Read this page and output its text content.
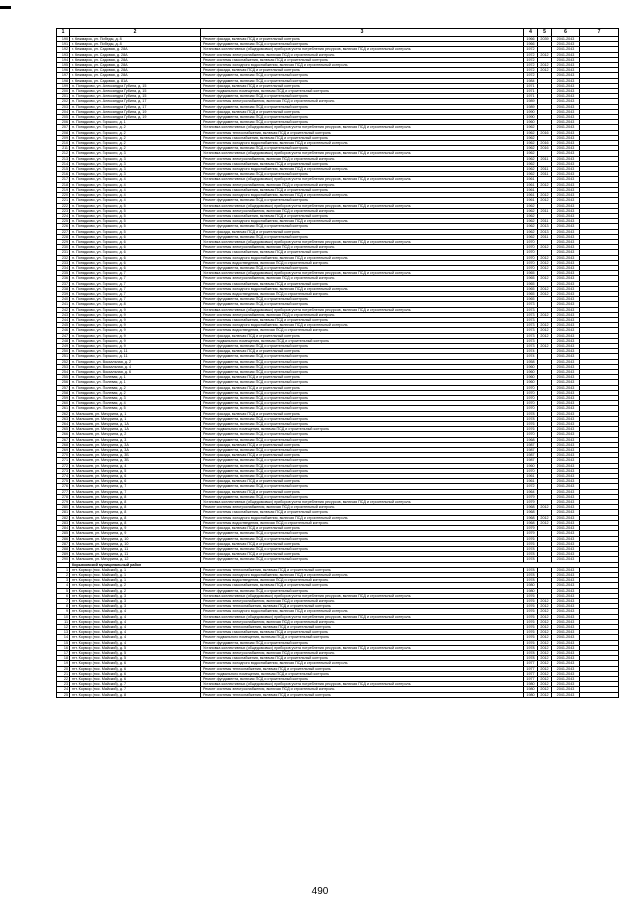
1	2	3	4	5	6	7
190	г. Кежмарок, ул. Победы, д. 8	Ремонт фасада, включая ПСД и строительный контроль	1966	2039	2041-2043	
191	г. Кежмарок, ул. Победы, д. 8	Ремонт фундамента, включая ПСД и строительный контроль	1966		2041-2043	
192	г. Кежмарок, ул. Садовая, д. 28А	Установка коллективных (общедомовых) приборов учета потребления ресурсов, включая ПСД и строительный контроль	1972		2041-2043	
193	г. Кежмарок, ул. Садовая, д. 28А	Ремонт системы электроснабжения, включая ПСД и строительный контроль	1972	2012	2041-2043	
194	г. Кежмарок, ул. Садовая, д. 28А	Ремонт системы газоснабжения, включая ПСД и строительный контроль	1972		2041-2043	
195	г. Кежмарок, ул. Садовая, д. 28А	Ремонт системы холодного водоснабжения, включая ПСД и строительный контроль	1972	2012	2041-2043	
196	г. Кежмарок, ул. Садовая, д. 28А	Ремонт фасада, включая ПСД и строительный контроль	1972	2012	2041-2043	
197	г. Кежмарок, ул. Садовая, д. 28А	Ремонт фундамента, включая ПСД и строительный контроль	1972		2041-2043	
198	г. Кежмарок, ул. Садовая, д. 81А	Ремонт фундамента, включая ПСД и строительный контроль	1984		2041-2043	
199	п. Попадково, ул. Александра Губина, д. 15	Ремонт фасада, включая ПСД и строительный контроль	1971		2041-2043	
200	п. Попадково, ул. Александра Губина, д. 15	Ремонт подвального помещения, включая ПСД и строительный контроль	1971		2041-2043	
201	п. Попадково, ул. Александра Губина, д. 15	Ремонт фундамента, включая ПСД и строительный контроль	1971		2041-2043	
202	п. Попадково, ул. Александра Губина, д. 17	Ремонт системы электроснабжения, включая ПСД и строительный контроль	1989		2041-2043	
203	п. Попадково, ул. Александра Губина, д. 17	Ремонт фундамента, включая ПСД и строительный контроль	1989		2041-2043	
204	п. Попадково, ул. Александра Губина, д. 19	Ремонт фасада, включая ПСД и строительный контроль	1990		2041-2043	
205	п. Попадково, ул. Александра Губина, д. 19	Ремонт фундамента, включая ПСД и строительный контроль	1990		2041-2043	
206	п. Попадково, ул. Горького, д. 1	Ремонт фундамента, включая ПСД и строительный контроль	1960		2041-2043	
207	п. Попадково, ул. Горького, д. 2	Установка коллективных (общедомовых) приборов учета потребления ресурсов, включая ПСД и строительный контроль	1962		2041-2043	
208	п. Попадково, ул. Горького, д. 2	Ремонт системы теплоснабжения, включая ПСД и строительный контроль	1962	2016	2041-2043	
209	п. Попадково, ул. Горького, д. 2	Ремонт системы газоснабжения, включая ПСД и строительный контроль	1962		2041-2043	
210	п. Попадково, ул. Горького, д. 2	Ремонт системы холодного водоснабжения, включая ПСД и строительный контроль	1962	2016	2041-2043	
211	п. Попадково, ул. Горького, д. 2	Ремонт фундамента, включая ПСД и строительный контроль	1962	2016	2041-2043	
212	п. Попадково, ул. Горького, д. 3	Установка коллективных (общедомовых) приборов учета потребления ресурсов, включая ПСД и строительный контроль	1962		2041-2043	
213	п. Попадково, ул. Горького, д. 3	Ремонт системы электроснабжения, включая ПСД и строительный контроль	1962	2011	2041-2043	
214	п. Попадково, ул. Горького, д. 3	Ремонт системы газоснабжения, включая ПСД и строительный контроль	1962		2041-2043	
215	п. Попадково, ул. Горького, д. 3	Ремонт системы холодного водоснабжения, включая ПСД и строительный контроль	1962	2011	2041-2043	
216	п. Попадково, ул. Горького, д. 3	Ремонт фундамента, включая ПСД и строительный контроль	1962	2011	2041-2043	
217	п. Попадково, ул. Горького, д. 4	Установка коллективных (общедомовых) приборов учета потребления ресурсов, включая ПСД и строительный контроль	1961		2041-2043	
218	п. Попадково, ул. Горького, д. 4	Ремонт системы электроснабжения, включая ПСД и строительный контроль	1961	2012	2041-2043	
219	п. Попадково, ул. Горького, д. 4	Ремонт системы газоснабжения, включая ПСД и строительный контроль	1961		2041-2043	
220	п. Попадково, ул. Горького, д. 4	Ремонт системы холодного водоснабжения, включая ПСД и строительный контроль	1961	2012	2041-2043	
221	п. Попадково, ул. Горького, д. 4	Ремонт фундамента, включая ПСД и строительный контроль	1961	2012	2041-2043	
222	п. Попадково, ул. Горького, д. 5	Установка коллективных (общедомовых) приборов учета потребления ресурсов, включая ПСД и строительный контроль	1962		2041-2043	
223	п. Попадково, ул. Горького, д. 5	Ремонт системы электроснабжения, включая ПСД и строительный контроль	1962	2011	2041-2043	
224	п. Попадково, ул. Горького, д. 5	Ремонт системы газоснабжения, включая ПСД и строительный контроль	1962		2041-2043	
225	п. Попадково, ул. Горького, д. 5	Ремонт системы холодного водоснабжения, включая ПСД и строительный контроль	1962	2011	2041-2043	
226	п. Попадково, ул. Горького, д. 5	Ремонт фундамента, включая ПСД и строительный контроль	1962	2013	2041-2043	
227	п. Попадково, ул. Горького, д. 5	Ремонт фасада, включая ПСД и строительный контроль	1962	2013	2041-2043	
228	п. Попадково, ул. Горького, д. 6	Ремонт фундамента, включая ПСД и строительный контроль	1962	2011	2041-2043	
229	п. Попадково, ул. Горького, д. 6	Установка коллективных (общедомовых) приборов учета потребления ресурсов, включая ПСД и строительный контроль	1970		2041-2043	
230	п. Попадково, ул. Горького, д. 6	Ремонт системы электроснабжения, включая ПСД и строительный контроль	1970	2012	2041-2043	
231	п. Попадково, ул. Горького, д. 6	Ремонт системы газоснабжения, включая ПСД и строительный контроль	1970		2041-2043	
232	п. Попадково, ул. Горького, д. 6	Ремонт системы холодного водоснабжения, включая ПСД и строительный контроль	1970	2012	2041-2043	
233	п. Попадково, ул. Горького, д. 6	Ремонт системы водоотведения, включая ПСД и строительный контроль	1970	2012	2041-2043	
234	п. Попадково, ул. Горького, д. 6	Ремонт фундамента, включая ПСД и строительный контроль	1970	2012	2041-2043	
235	п. Попадково, ул. Горького, д. 7	Установка коллективных (общедомовых) приборов учета потребления ресурсов, включая ПСД и строительный контроль	1965		2041-2043	
236	п. Попадково, ул. Горького, д. 7	Ремонт системы электроснабжения, включая ПСД и строительный контроль	1965	2012	2041-2043	
237	п. Попадково, ул. Горького, д. 7	Ремонт системы газоснабжения, включая ПСД и строительный контроль	1965		2041-2043	
238	п. Попадково, ул. Горького, д. 7	Ремонт системы холодного водоснабжения, включая ПСД и строительный контроль	1965	2012	2041-2043	
239	п. Попадково, ул. Горького, д. 7	Ремонт системы водоотведения, включая ПСД и строительный контроль	1965	2012	2041-2043	
240	п. Попадково, ул. Горького, д. 7	Ремонт фундамента, включая ПСД и строительный контроль	1965		2041-2043	
241	п. Попадково, ул. Горького, д. 8	Ремонт фундамента, включая ПСД и строительный контроль	1973		2041-2043	
242	п. Попадково, ул. Горького, д. 9	Установка коллективных (общедомовых) приборов учета потребления ресурсов, включая ПСД и строительный контроль	1973		2041-2043	
243	п. Попадково, ул. Горького, д. 9	Ремонт системы электроснабжения, включая ПСД и строительный контроль	1973	2012	2041-2043	
244	п. Попадково, ул. Горького, д. 9	Ремонт системы газоснабжения, включая ПСД и строительный контроль	1973		2041-2043	
245	п. Попадково, ул. Горького, д. 9	Ремонт системы холодного водоснабжения, включая ПСД и строительный контроль	1973	2012	2041-2043	
246	п. Попадково, ул. Горького, д. 9	Ремонт системы водоотведения, включая ПСД и строительный контроль	1973	2012	2041-2043	
247	п. Попадково, ул. Горького, д. 9	Ремонт фасада, включая ПСД и строительный контроль	1973	2012	2041-2043	
248	п. Попадково, ул. Горького, д. 9	Ремонт подвального помещения, включая ПСД и строительный контроль	1973		2041-2043	
249	п. Попадково, ул. Горького, д. 9	Ремонт фундамента, включая ПСД и строительный контроль	1973	2012	2041-2043	
250	п. Попадково, ул. Горького, д. 11	Ремонт фасада, включая ПСД и строительный контроль	1974		2041-2043	
251	п. Попадково, ул. Горького, д. 11	Ремонт фундамента, включая ПСД и строительный контроль	1974		2041-2043	
252	п. Попадково, ул. Вокзальная, д. 2	Ремонт фундамента, включая ПСД и строительный контроль	1958		2041-2043	
253	п. Попадково, ул. Вокзальная, д. 4	Ремонт фундамента, включая ПСД и строительный контроль	1960		2041-2043	
254	п. Попадково, ул. Вокзальная, д. 6	Ремонт фундамента, включая ПСД и строительный контроль	1960		2041-2043	
255	п. Попадково, ул. Полевая, д. 1	Ремонт фасада, включая ПСД и строительный контроль	1960		2041-2043	
256	п. Попадково, ул. Полевая, д. 1	Ремонт фундамента, включая ПСД и строительный контроль	1960		2041-2043	
257	п. Попадково, ул. Полевая, д. 2	Ремонт фасада, включая ПСД и строительный контроль	1970		2041-2043	
258	п. Попадково, ул. Полевая, д. 2	Ремонт фундамента, включая ПСД и строительный контроль	1970		2041-2043	
259	п. Попадково, ул. Полевая, д. 3	Ремонт фундамента, включая ПСД и строительный контроль	1970		2041-2043	
260	п. Попадково, ул. Полевая, д. 4	Ремонт фундамента, включая ПСД и строительный контроль	1970		2041-2043	
261	п. Попадково, ул. Полевая, д. 5	Ремонт фундамента, включая ПСД и строительный контроль	1970		2041-2043	
262	п. Малышев, ул. Мичурина, д. 1	Ремонт фасада, включая ПСД и строительный контроль	1978		2041-2043	
263	п. Малышев, ул. Мичурина, д. 1	Ремонт фундамента, включая ПСД и строительный контроль	1978		2041-2043	
264	п. Малышев, ул. Мичурина, д. 1А	Ремонт фундамента, включая ПСД и строительный контроль	1976		2041-2043	
265	п. Малышев, ул. Мичурина, д. 1А	Ремонт подвального помещения, включая ПСД и строительный контроль	1976		2041-2043	
266	п. Малышев, ул. Мичурина, д. 2	Ремонт фундамента, включая ПСД и строительный контроль	1970		2041-2043	
267	п. Малышев, ул. Мичурина, д. 3	Ремонт фундамента, включая ПСД и строительный контроль	1968		2041-2043	
268	п. Малышев, ул. Мичурина, д. 3А	Ремонт фасада, включая ПСД и строительный контроль	1987		2041-2043	
269	п. Малышев, ул. Мичурина, д. 3А	Ремонт фундамента, включая ПСД и строительный контроль	1987		2041-2043	
270	п. Малышев, ул. Мичурина, д. 3Б	Ремонт фасада, включая ПСД и строительный контроль	1987		2041-2043	
271	п. Малышев, ул. Мичурина, д. 3Б	Ремонт фундамента, включая ПСД и строительный контроль	1987		2041-2043	
272	п. Малышев, ул. Мичурина, д. 4	Ремонт фундамента, включая ПСД и строительный контроль	1960		2041-2043	
273	п. Малышев, ул. Мичурина, д. 5	Ремонт фундамента, включая ПСД и строительный контроль	1970		2041-2043	
274	п. Малышев, ул. Мичурина, д. 6	Ремонт фундамента, включая ПСД и строительный контроль	1961		2041-2043	
275	п. Малышев, ул. Мичурина, д. 6	Ремонт фасада, включая ПСД и строительный контроль	1961		2041-2043	
276	п. Малышев, ул. Мичурина, д. 7	Ремонт фундамента, включая ПСД и строительный контроль	1972		2041-2043	
277	п. Малышев, ул. Мичурина, д. 7	Ремонт фасада, включая ПСД и строительный контроль	1964		2041-2043	
278	п. Малышев, ул. Мичурина, д. 8	Ремонт фундамента, включая ПСД и строительный контроль	1979		2041-2043	
279	п. Малышев, ул. Мичурина, д. 8	Установка коллективных (общедомовых) приборов учета потребления ресурсов, включая ПСД и строительный контроль	1979		2041-2043	
280	п. Малышев, ул. Мичурина, д. 8	Ремонт системы электроснабжения, включая ПСД и строительный контроль	1968	2012	2041-2043	
281	п. Малышев, ул. Мичурина, д. 8	Ремонт системы газоснабжения, включая ПСД и строительный контроль	1968		2041-2043	
282	п. Малышев, ул. Мичурина, д. 8	Ремонт системы холодного водоснабжения, включая ПСД и строительный контроль	1968	2012	2041-2043	
283	п. Малышев, ул. Мичурина, д. 8	Ремонт системы водоотведения, включая ПСД и строительный контроль	1968	2012	2041-2043	
284	п. Малышев, ул. Мичурина, д. 9	Ремонт фасада, включая ПСД и строительный контроль	1979		2041-2043	
285	п. Малышев, ул. Мичурина, д. 9	Ремонт фундамента, включая ПСД и строительный контроль	1979		2041-2043	
286	п. Малышев, ул. Мичурина, д. 10	Ремонт фундамента, включая ПСД и строительный контроль	1976		2041-2043	
287	п. Малышев, ул. Мичурина, д. 10	Ремонт фасада, включая ПСД и строительный контроль	1976		2041-2043	
288	п. Малышев, ул. Мичурина, д. 11	Ремонт фундамента, включая ПСД и строительный контроль	1978		2041-2043	
289	п. Малышев, ул. Мичурина, д. 11	Ремонт фасада, включая ПСД и строительный контроль	1978		2041-2043	
290	п. Малышев, ул. Мичурина, д. 12	Ремонт фундамента, включая ПСД и строительный контроль	1978		2041-2043	
	Кирьяковский муниципальный район					
1	пгт. Кормор (пос. Майский), д. 1	Ремонт системы теплоснабжения, включая ПСД и строительный контроль	1978		2041-2043	
2	пгт. Кормор (пос. Майский), д. 1	Ремонт системы холодного водоснабжения, включая ПСД и строительный контроль	1978		2041-2043	
3	пгт. Кормор (пос. Майский), д. 1	Ремонт системы водоотведения, включая ПСД и строительный контроль	1978		2041-2043	
4	пгт. Кормор (пос. Майский), д. 2	Ремонт системы газоснабжения, включая ПСД и строительный контроль	1980		2041-2043	
5	пгт. Кормор (пос. Майский), д. 2	Ремонт фундамента, включая ПСД и строительный контроль	1980		2041-2043	
6	пгт. Кормор (пос. Майский), д. 3	Установка коллективных (общедомовых) приборов учета потребления ресурсов, включая ПСД и строительный контроль	1976		2041-2043	
7	пгт. Кормор (пос. Майский), д. 3	Ремонт системы электроснабжения, включая ПСД и строительный контроль	1976	2012	2041-2043	
8	пгт. Кормор (пос. Майский), д. 3	Ремонт системы теплоснабжения, включая ПСД и строительный контроль	1976	2012	2041-2043	
9	пгт. Кормор (пос. Майский), д. 4	Ремонт системы холодного водоснабжения, включая ПСД и строительный контроль	1976	2012	2041-2043	
10	пгт. Кормор (пос. Майский), д. 4	Установка коллективных (общедомовых) приборов учета потребления ресурсов, включая ПСД и строительный контроль	1976	2012	2041-2043	
11	пгт. Кормор (пос. Майский), д. 4	Ремонт системы электроснабжения, включая ПСД и строительный контроль	1976	2012	2041-2043	
12	пгт. Кормор (пос. Майский), д. 4	Ремонт системы теплоснабжения, включая ПСД и строительный контроль	1976	2012	2041-2043	
13	пгт. Кормор (пос. Майский), д. 4	Ремонт системы газоснабжения, включая ПСД и строительный контроль	1976	2012	2041-2043	
14	пгт. Кормор (пос. Майский), д. 4	Ремонт подвального помещения, включая ПСД и строительный контроль	1976	2012	2041-2043	
15	пгт. Кормор (пос. Майский), д. 4	Ремонт фундамента, включая ПСД и строительный контроль	1976	2012	2041-2043	
16	пгт. Кормор (пос. Майский), д. 5	Установка коллективных (общедомовых) приборов учета потребления ресурсов, включая ПСД и строительный контроль	1978	2012	2041-2043	
17	пгт. Кормор (пос. Майский), д. 5	Ремонт системы электроснабжения, включая ПСД и строительный контроль	1978	2012	2041-2043	
18	пгт. Кормор (пос. Майский), д. 5	Ремонт системы газоснабжения, включая ПСД и строительный контроль	1978	2012	2041-2043	
19	пгт. Кормор (пос. Майский), д. 6	Ремонт системы холодного водоснабжения, включая ПСД и строительный контроль	1977	2012	2041-2043	
20	пгт. Кормор (пос. Майский), д. 6	Ремонт системы теплоснабжения, включая ПСД и строительный контроль	1977	2012	2041-2043	
21	пгт. Кормор (пос. Майский), д. 6	Ремонт подвального помещения, включая ПСД и строительный контроль	1977	2012	2041-2043	
22	пгт. Кормор (пос. Майский), д. 6	Ремонт фундамента, включая ПСД и строительный контроль	1977	2012	2041-2043	
23	пгт. Кормор (пос. Майский), д. 7	Установка коллективных (общедомовых) приборов учета потребления ресурсов, включая ПСД и строительный контроль	1980	2012	2041-2043	
24	пгт. Кормор (пос. Майский), д. 7	Ремонт системы электроснабжения, включая ПСД и строительный контроль	1980	2012	2041-2043	
25	пгт. Кормор (пос. Майский), д. 8	Ремонт системы теплоснабжения, включая ПСД и строительный контроль	1980	2012	2041-2043	
490
